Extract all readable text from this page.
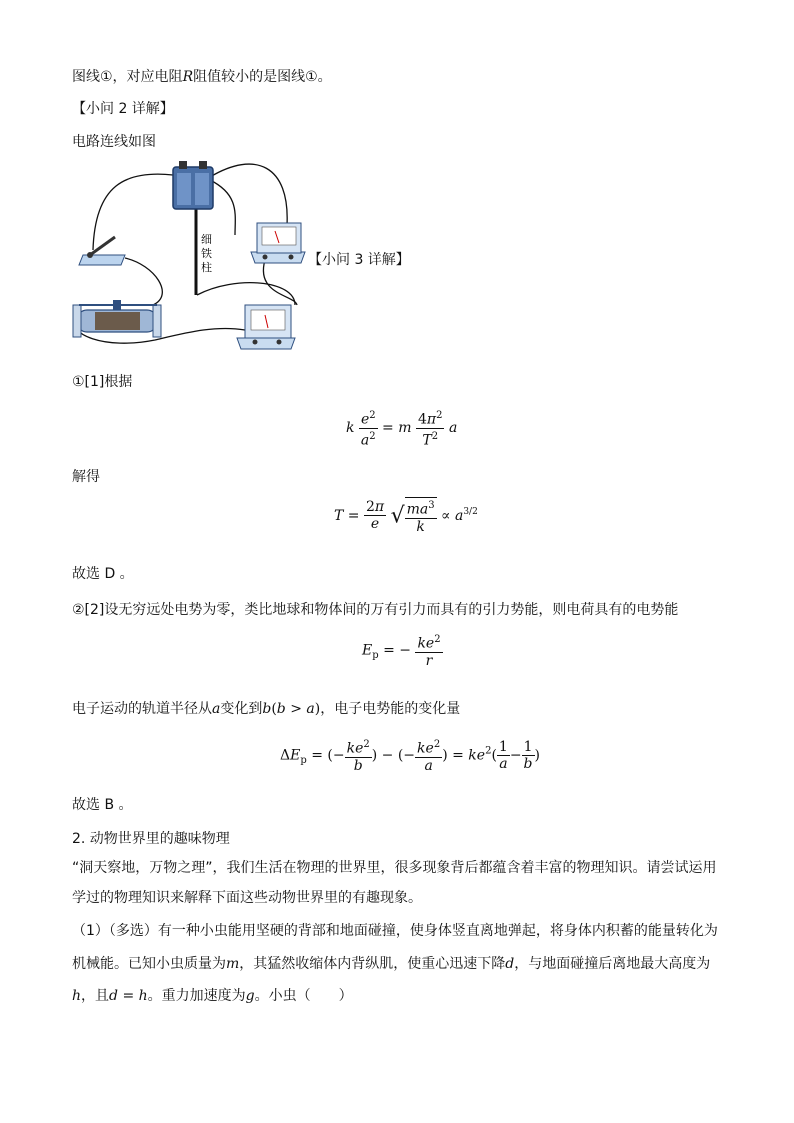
图线①，对应电阻R阻值较小的是图线①。
【小问 2 详解】
电路连线如图
细
铁
柱	【小问 3 详解】
①[1]根据
k $\frac{e^2}{a^2} = m \frac{4\pi^2}{T^2}$ a
解得
$T = \frac{2\pi}{e}$ √ $\frac{ma^3}{k} \propto a^{3/2}$
故选 D 。
②[2]设无穷远处电势为零，类比地球和物体间的万有引力而具有的引力势能，则电荷具有的电势能
$E_p$ = − $\frac{ke^2}{r}$
电子运动的轨道半径从a变化到b(b > a)，电子电势能的变化量
$\Delta E_p$ = (− $\frac{ke^2}{b}$ ) − (− $\frac{ke^2}{a}$ ) = $ke^2( \frac{1}{a} - \frac{1}{b}$ )
故选 B 。
2. 动物世界里的趣味物理
“洞天察地，万物之理”，我们生活在物理的世界里，很多现象背后都蕴含着丰富的物理知识。请尝试运用
学过的物理知识来解释下面这些动物世界里的有趣现象。
（1）（多选）有一种小虫能用坚硬的背部和地面碰撞，使身体竖直离地弹起，将身体内积蓄的能量转化为
机械能。已知小虫质量为m，其猛然收缩体内背纵肌，使重心迅速下降d，与地面碰撞后离地最大高度为
h，且d = h。重力加速度为g。小虫（　　）
